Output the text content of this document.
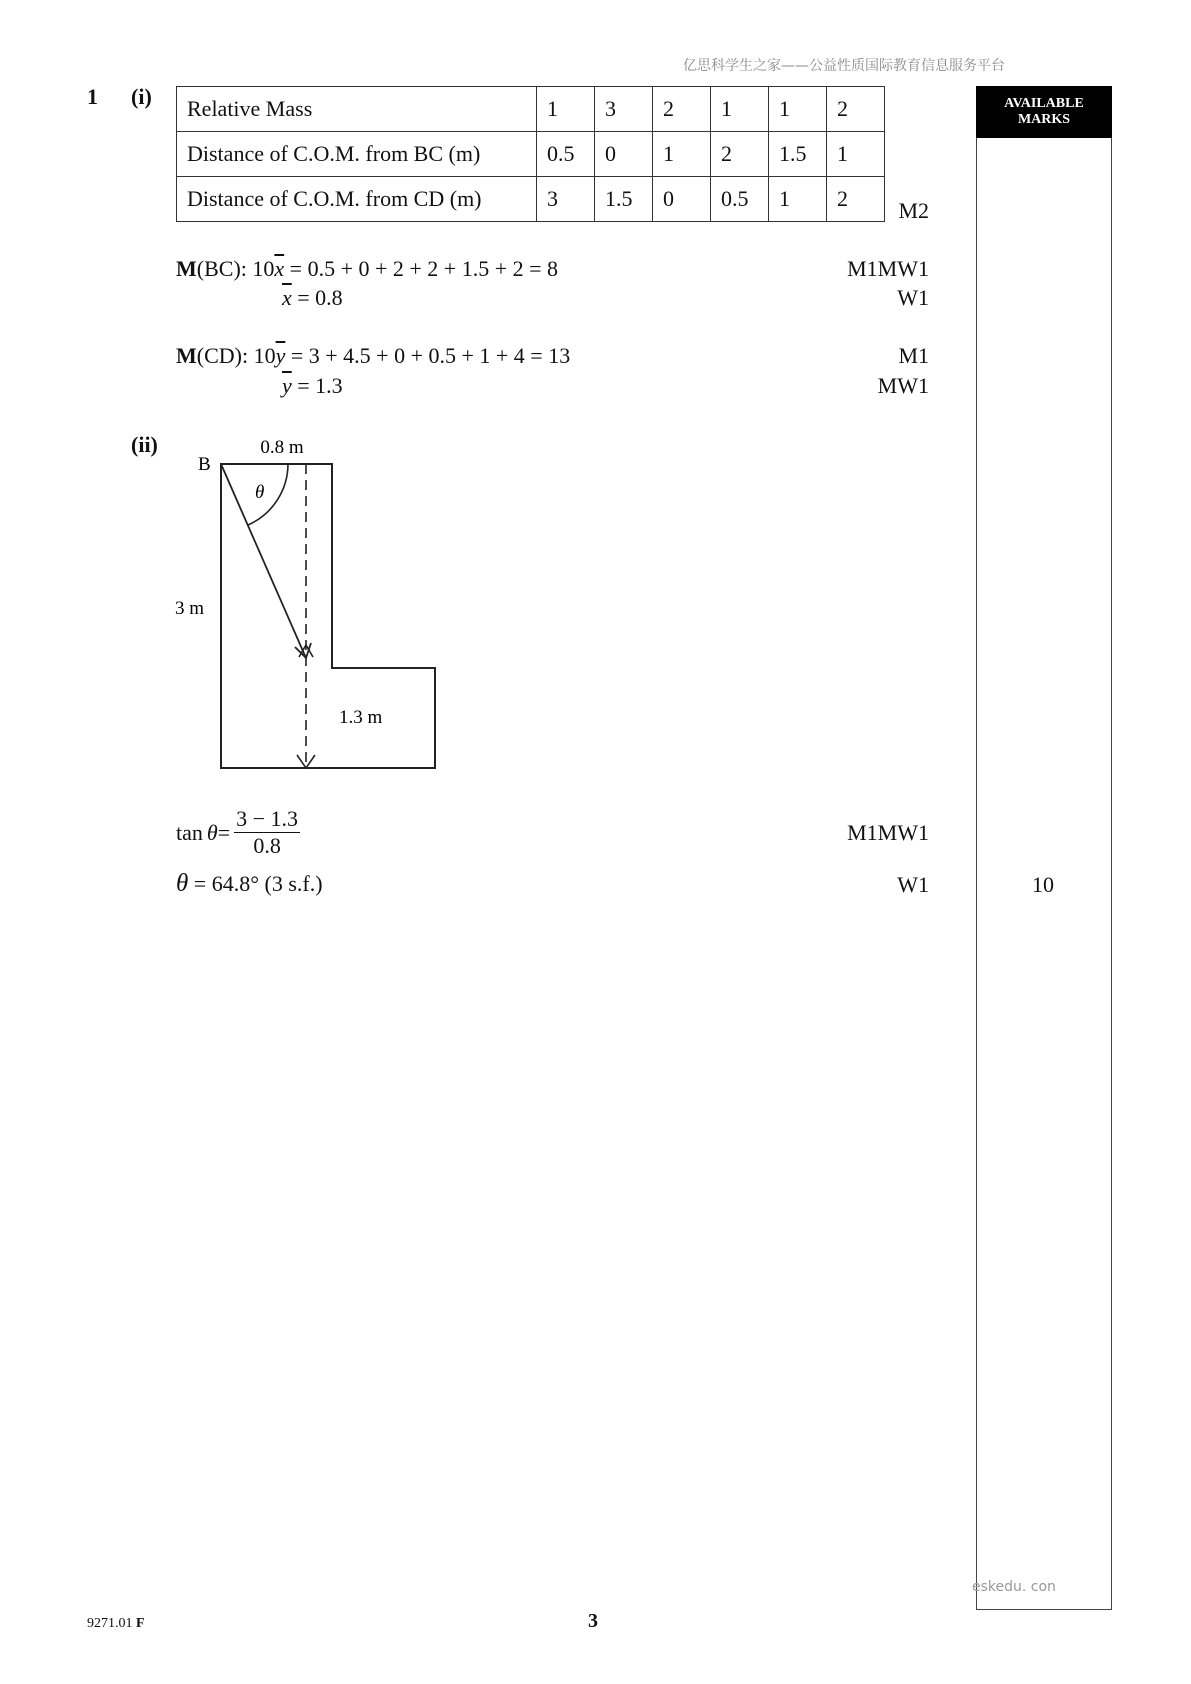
亿思科学生之家——公益性质国际教育信息服务平台
AVAILABLE
MARKS
1 (i) Relative Mass	1	3	2	1	1	2
Distance of C.O.M. from BC (m)	0.5	0	1	2	1.5	1
Distance of C.O.M. from CD (m)	3	1.5	0	0.5	1	2	M2
M(BC): $10\overline{x} = 0.5 + 0 + 2 + 2 + 1.5 + 2 = 8$	M1MW1
$\overline{x} = 0.8$	W1
M(CD): $10\overline{y} = 3 + 4.5 + 0 + 0.5 + 1 + 4 = 13$	M1
$\overline{y} = 1.3$	MW1
(ii)	0.8 m
B
θ
3 m
1.3 m
$\tan \theta = \frac{3 - 1.3}{0.8}$	M1MW1
θ = 64.8° (3 s.f.)	W1	10
eskedu. con
9271.01 F	3
